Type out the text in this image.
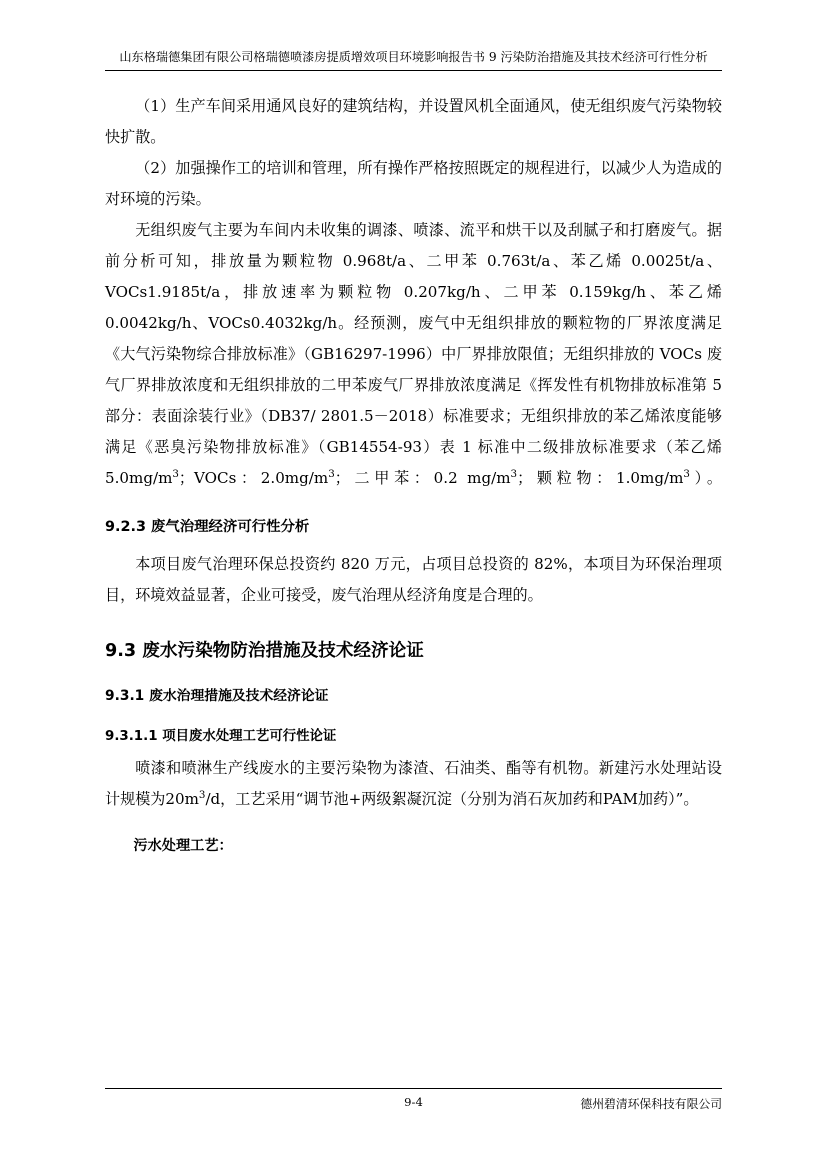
山东格瑞德集团有限公司格瑞德喷漆房提质增效项目环境影响报告书 9 污染防治措施及其技术经济可行性分析

（1）生产车间采用通风良好的建筑结构，并设置风机全面通风，使无组织废气污染物较快扩散。

（2）加强操作工的培训和管理，所有操作严格按照既定的规程进行，以减少人为造成的对环境的污染。

无组织废气主要为车间内未收集的调漆、喷漆、流平和烘干以及刮腻子和打磨废气。据前分析可知，排放量为颗粒物 0.968t/a、二甲苯 0.763t/a、苯乙烯 0.0025t/a、VOCs1.9185t/a，排放速率为颗粒物 0.207kg/h、二甲苯 0.159kg/h、苯乙烯 0.0042kg/h、VOCs0.4032kg/h。经预测，废气中无组织排放的颗粒物的厂界浓度满足《大气污染物综合排放标准》（GB16297-1996）中厂界排放限值；无组织排放的 VOCs 废气厂界排放浓度和无组织排放的二甲苯废气厂界排放浓度满足《挥发性有机物排放标准第 5 部分：表面涂装行业》（DB37/ 2801.5－2018）标准要求；无组织排放的苯乙烯浓度能够满足《恶臭污染物排放标准》（GB14554-93）表 1 标准中二级排放标准要求（苯乙烯 $5.0mg/m^3$；VOCs：$2.0mg/m^3$；二甲苯：0.2 $mg/m^3$；颗粒物：$1.0mg/m^3$）。

9.2.3 废气治理经济可行性分析

本项目废气治理环保总投资约 820 万元，占项目总投资的 82%，本项目为环保治理项目，环境效益显著，企业可接受，废气治理从经济角度是合理的。

9.3 废水污染物防治措施及技术经济论证
9.3.1 废水治理措施及技术经济论证
9.3.1.1 项目废水处理工艺可行性论证

喷漆和喷淋生产线废水的主要污染物为漆渣、石油类、酯等有机物。新建污水处理站设计规模为$20m^3/d$，工艺采用“调节池+两级絮凝沉淀（分别为消石灰加药和PAM加药）”。

污水处理工艺：

9-4	德州碧清环保科技有限公司
